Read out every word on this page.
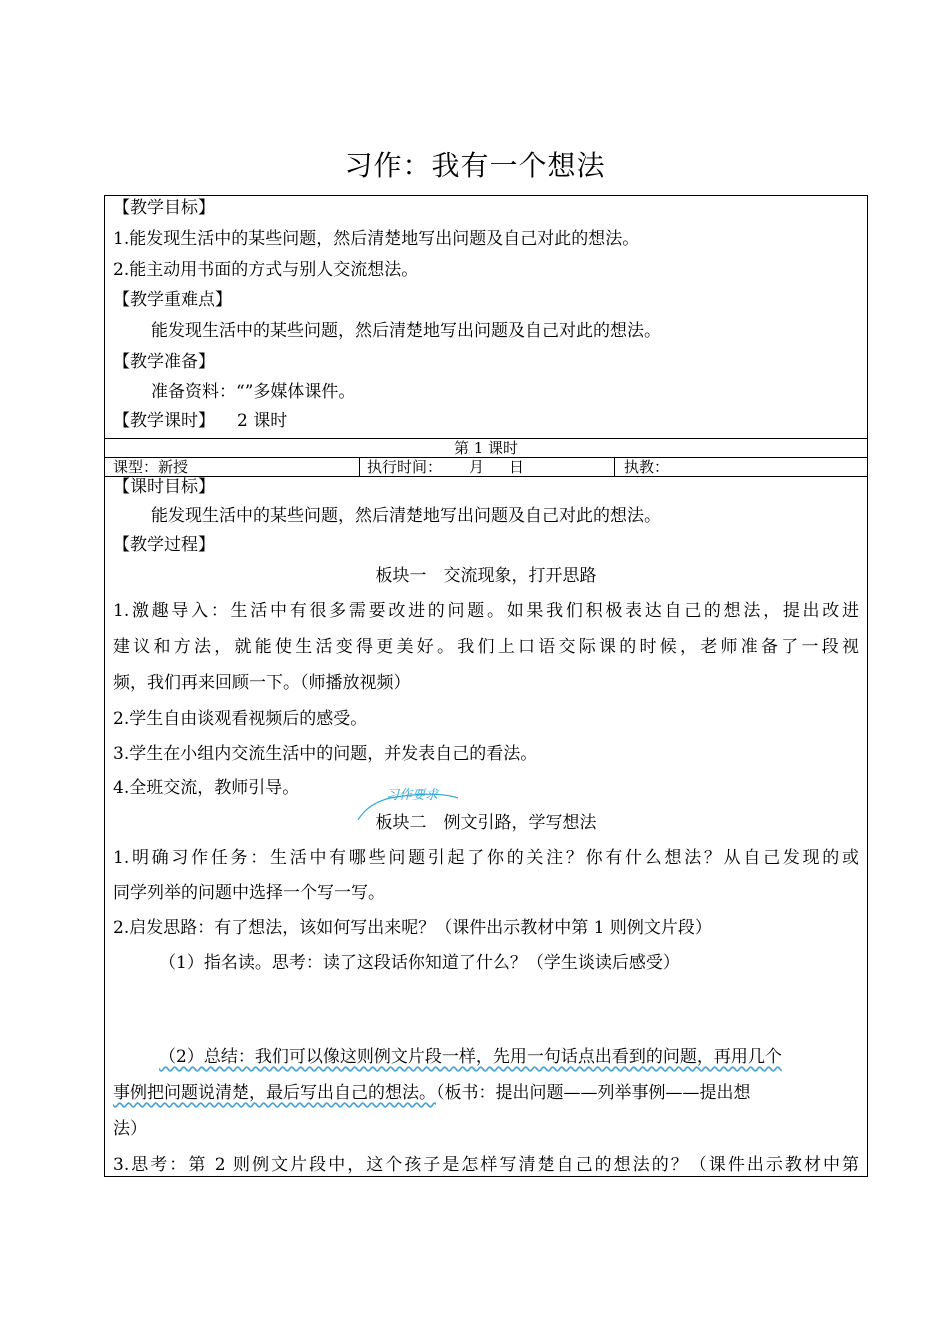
习作：我有一个想法
【教学目标】
1.能发现生活中的某些问题，然后清楚地写出问题及自己对此的想法。
2.能主动用书面的方式与别人交流想法。
【教学重难点】
能发现生活中的某些问题，然后清楚地写出问题及自己对此的想法。
【教学准备】
准备资料：“”多媒体课件。
【教学课时】 2 课时
第 1 课时
课型：新授	执行时间： 月 日	执教：
【课时目标】
能发现生活中的某些问题，然后清楚地写出问题及自己对此的想法。
【教学过程】
板块一　交流现象，打开思路
1.激趣导入：生活中有很多需要改进的问题。如果我们积极表达自己的想法，提出改进
建议和方法，就能使生活变得更美好。我们上口语交际课的时候，老师准备了一段视
频，我们再来回顾一下。（师播放视频）
2.学生自由谈观看视频后的感受。
3.学生在小组内交流生活中的问题，并发表自己的看法。
4.全班交流，教师引导。
板块二　例文引路，学写想法
1.明确习作任务：生活中有哪些问题引起了你的关注？你有什么想法？从自己发现的或
同学列举的问题中选择一个写一写。
2.启发思路：有了想法，该如何写出来呢？（课件出示教材中第 1 则例文片段）
（1）指名读。思考：读了这段话你知道了什么？（学生谈读后感受）
（2）总结：我们可以像这则例文片段一样，先用一句话点出看到的问题，再用几个
事例把问题说清楚，最后写出自己的想法。（板书：提出问题——列举事例——提出想
法）
3.思考：第 2 则例文片段中，这个孩子是怎样写清楚自己的想法的？（课件出示教材中第
习作要求
